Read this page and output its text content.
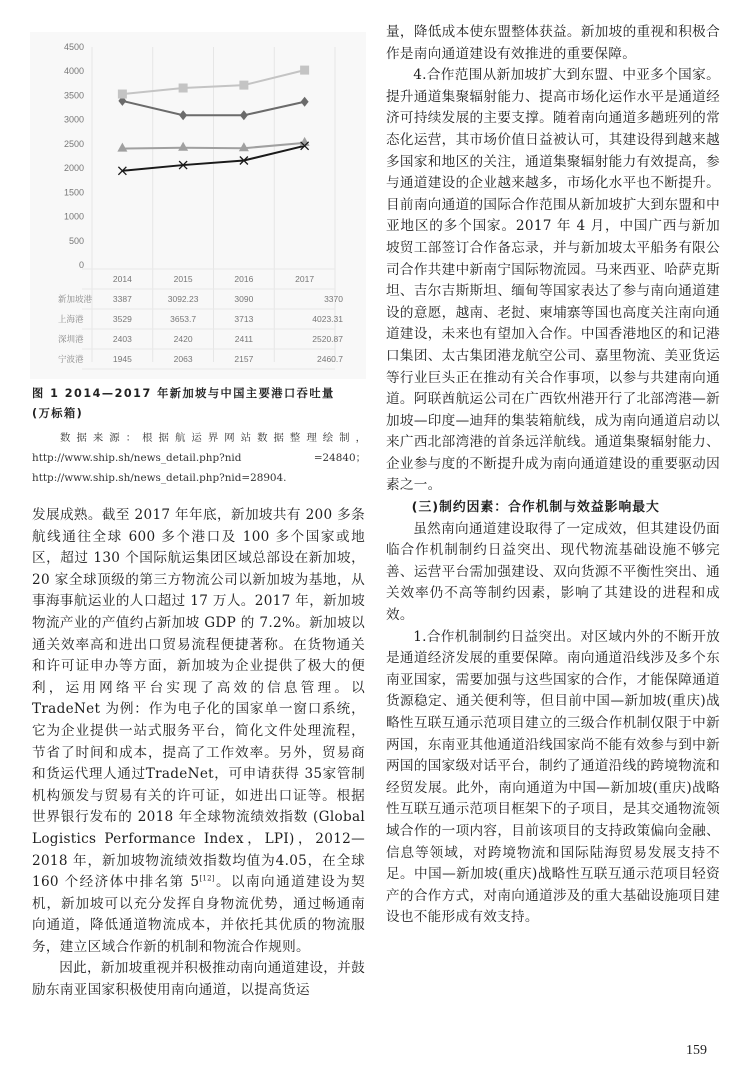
0
500
1000
1500
2000
2500
3000
3500
4000
4500
2014	2015	2016	2017
新加坡港 3387	3092.23	3090	3370
上海港	3529	3653.7	3713	4023.31
深圳港	2403	2420	2411	2520.87
宁波港	1945	2063	2157	2460.7
图 1 2014—2017 年新加坡与中国主要港口吞吐量
(万标箱)
数据来源：根据航运界网站数据整理绘制，http://www.ship.sh/news_detail.php?nid =24840；http://www.ship.sh/news_detail.php?nid=28904.

发展成熟。截至 2017 年年底，新加坡共有 200 多条航线通往全球 600 多个港口及 100 多个国家或地区，超过 130 个国际航运集团区域总部设在新加坡，20 家全球顶级的第三方物流公司以新加坡为基地，从事海事航运业的人口超过 17 万人。2017 年，新加坡物流产业的产值约占新加坡 GDP 的 7.2%。新加坡以通关效率高和进出口贸易流程便捷著称。在货物通关和许可证申办等方面，新加坡为企业提供了极大的便利，运用网络平台实现了高效的信息管理。以TradeNet 为例：作为电子化的国家单一窗口系统，它为企业提供一站式服务平台，简化文件处理流程，节省了时间和成本，提高了工作效率。另外，贸易商和货运代理人通过TradeNet，可申请获得 35家管制机构颁发与贸易有关的许可证，如进出口证等。根据世界银行发布的 2018 年全球物流绩效指数 (Global Logistics Performance Index，LPI)，2012—2018 年，新加坡物流绩效指数均值为4.05，在全球 160 个经济体中排名第 5[12]。以南向通道建设为契机，新加坡可以充分发挥自身物流优势，通过畅通南向通道，降低通道物流成本，并依托其优质的物流服务，建立区域合作新的机制和物流合作规则。

因此，新加坡重视并积极推动南向通道建设，并鼓励东南亚国家积极使用南向通道，以提高货运

量，降低成本使东盟整体获益。新加坡的重视和积极合作是南向通道建设有效推进的重要保障。

4.合作范围从新加坡扩大到东盟、中亚多个国家。提升通道集聚辐射能力、提高市场化运作水平是通道经济可持续发展的主要支撑。随着南向通道多趟班列的常态化运营，其市场价值日益被认可，其建设得到越来越多国家和地区的关注，通道集聚辐射能力有效提高，参与通道建设的企业越来越多，市场化水平也不断提升。目前南向通道的国际合作范围从新加坡扩大到东盟和中亚地区的多个国家。2017 年 4 月，中国广西与新加坡贸工部签订合作备忘录，并与新加坡太平船务有限公司合作共建中新南宁国际物流园。马来西亚、哈萨克斯坦、吉尔吉斯斯坦、缅甸等国家表达了参与南向通道建设的意愿，越南、老挝、柬埔寨等国也高度关注南向通道建设，未来也有望加入合作。中国香港地区的和记港口集团、太古集团港龙航空公司、嘉里物流、美亚货运等行业巨头正在推动有关合作事项，以参与共建南向通道。阿联酋航运公司在广西钦州港开行了北部湾港—新加坡—印度—迪拜的集装箱航线，成为南向通道启动以来广西北部湾港的首条远洋航线。通道集聚辐射能力、企业参与度的不断提升成为南向通道建设的重要驱动因素之一。

(三)制约因素：合作机制与效益影响最大

虽然南向通道建设取得了一定成效，但其建设仍面临合作机制制约日益突出、现代物流基础设施不够完善、运营平台需加强建设、双向货源不平衡性突出、通关效率仍不高等制约因素，影响了其建设的进程和成效。

1.合作机制制约日益突出。对区域内外的不断开放是通道经济发展的重要保障。南向通道沿线涉及多个东南亚国家，需要加强与这些国家的合作，才能保障通道货源稳定、通关便利等，但目前中国—新加坡(重庆)战略性互联互通示范项目建立的三级合作机制仅限于中新两国，东南亚其他通道沿线国家尚不能有效参与到中新两国的国家级对话平台，制约了通道沿线的跨境物流和经贸发展。此外，南向通道为中国—新加坡(重庆)战略性互联互通示范项目框架下的子项目，是其交通物流领域合作的一项内容，目前该项目的支持政策偏向金融、信息等领域，对跨境物流和国际陆海贸易发展支持不足。中国—新加坡(重庆)战略性互联互通示范项目轻资产的合作方式，对南向通道涉及的重大基础设施项目建设也不能形成有效支持。

159
